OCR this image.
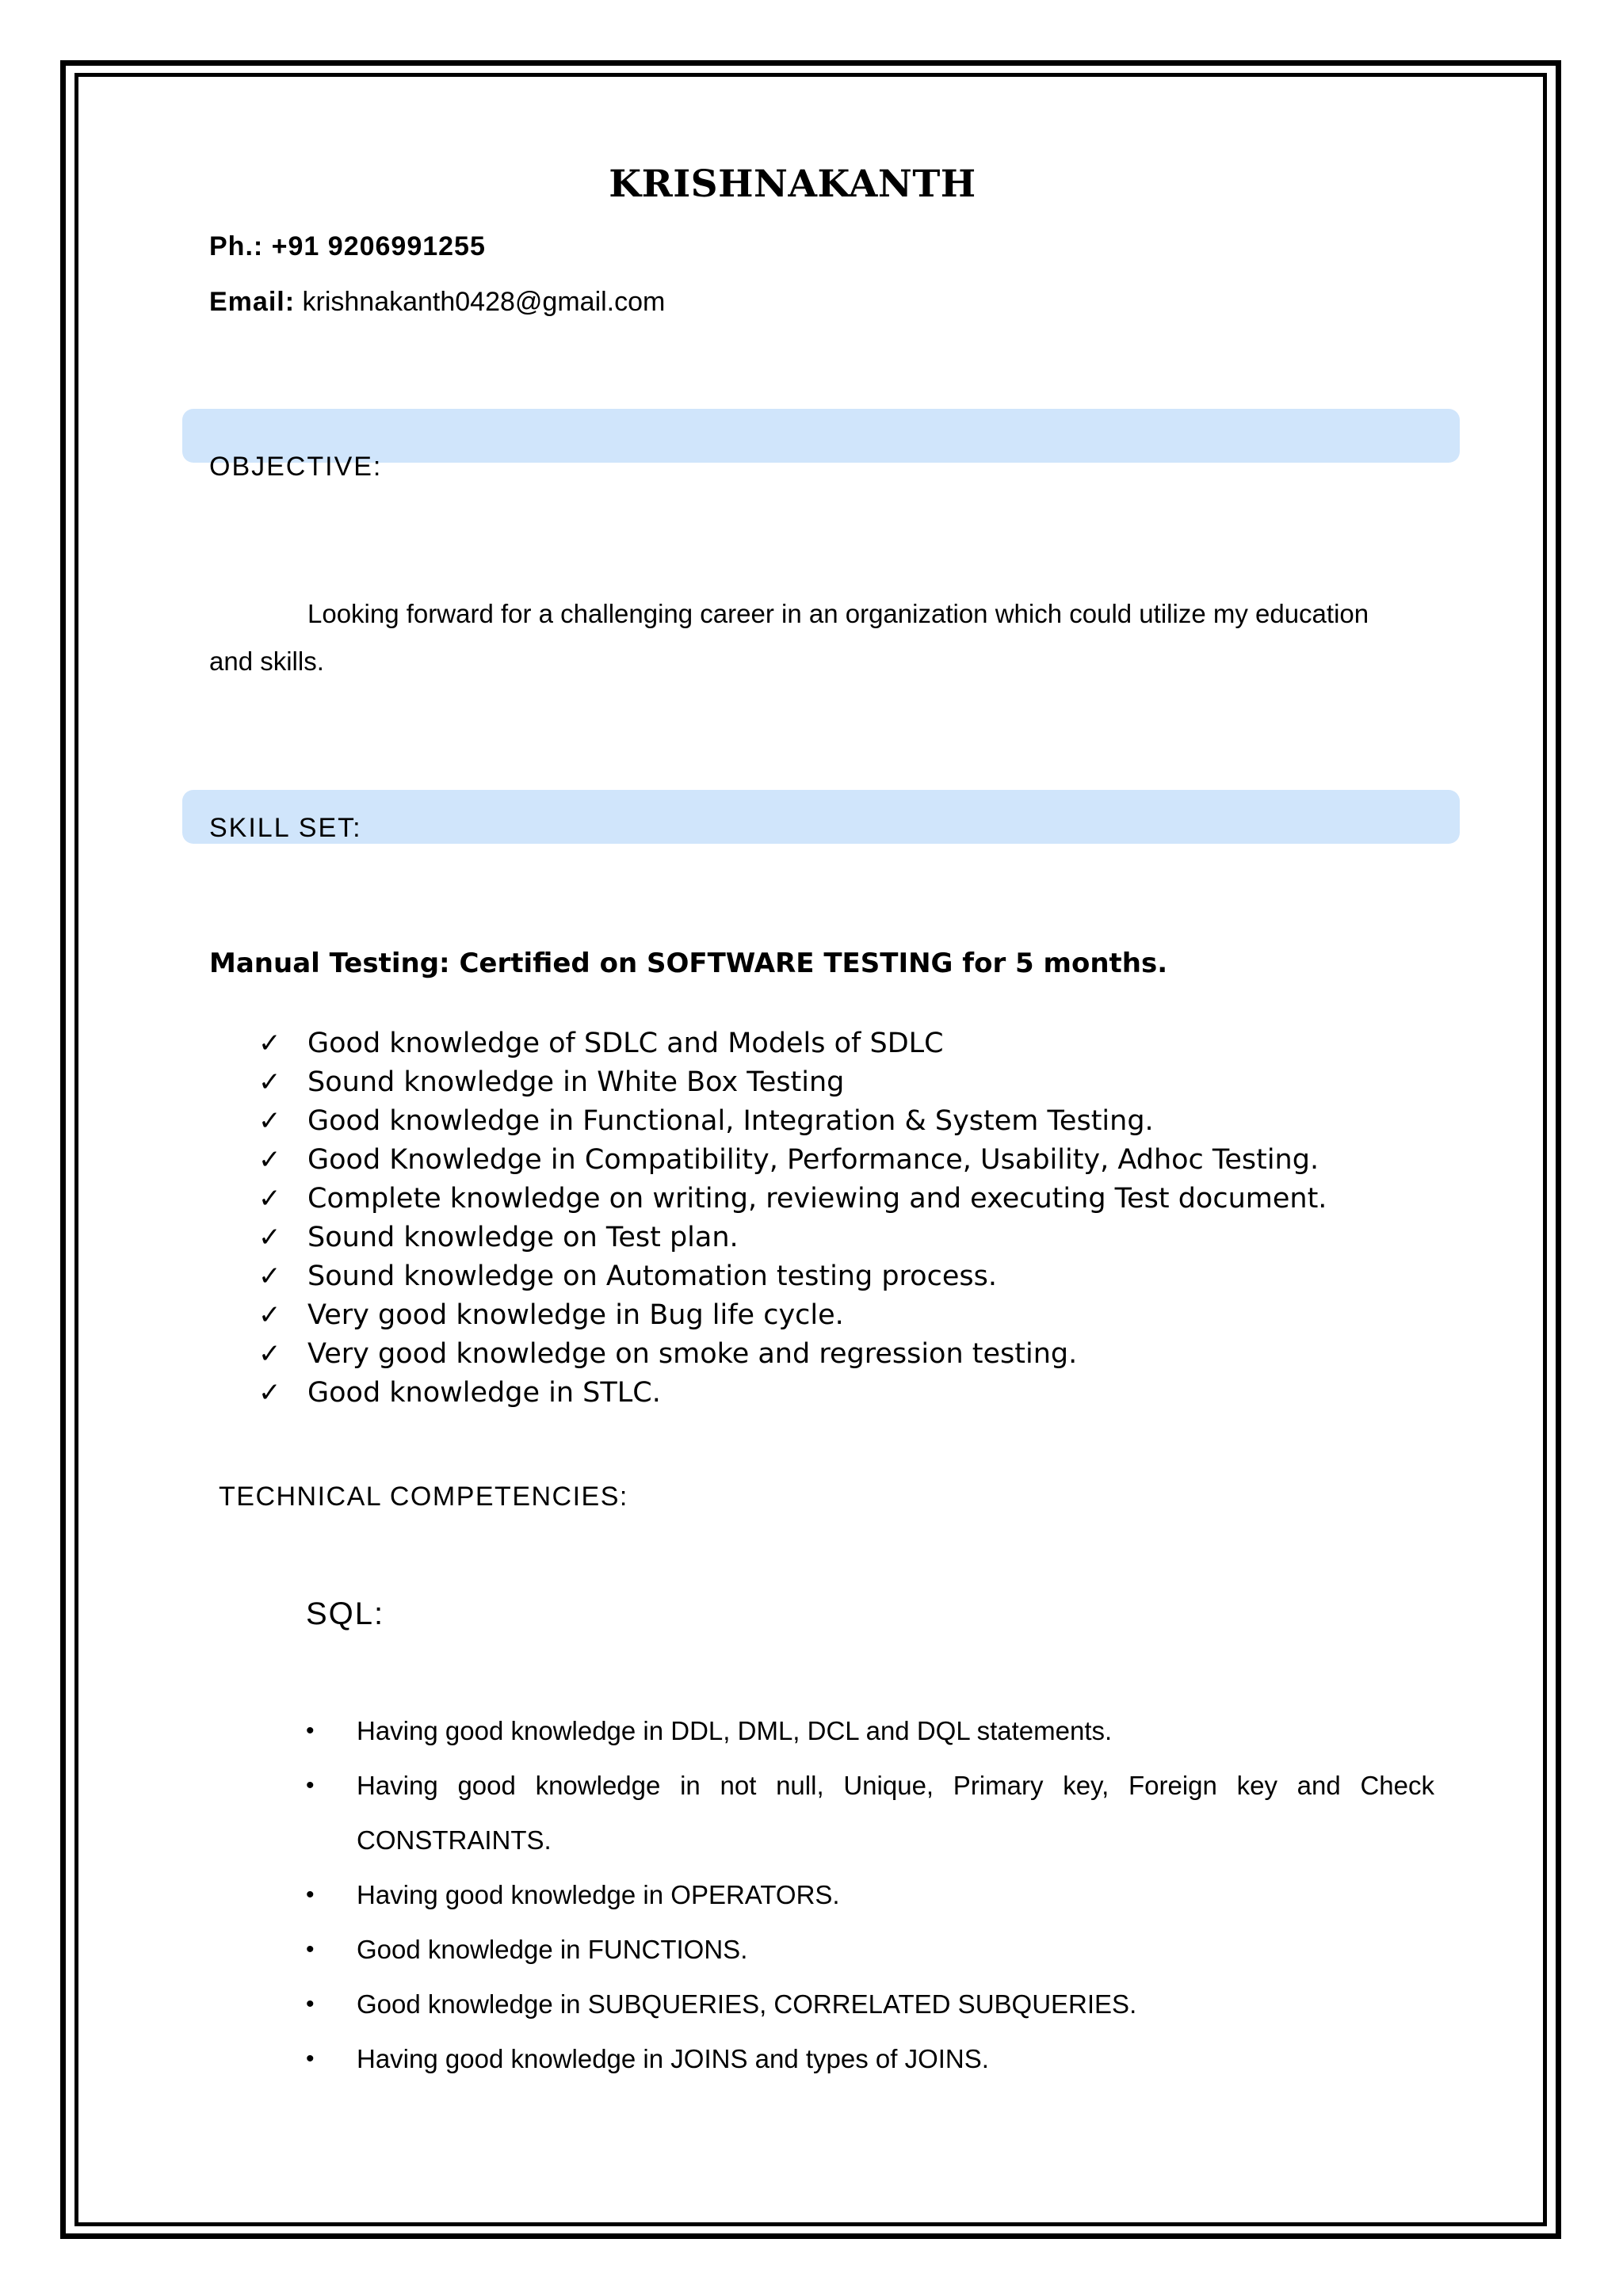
KRISHNAKANTH
Ph.: +91 9206991255
Email: krishnakanth0428@gmail.com
OBJECTIVE:
Looking forward for a challenging career in an organization which could utilize my education and skills.
SKILL SET:
Manual Testing: Certified on SOFTWARE TESTING for 5 months.
✓ Good knowledge of SDLC and Models of SDLC
✓ Sound knowledge in White Box Testing
✓ Good knowledge in Functional, Integration & System Testing.
✓ Good Knowledge in Compatibility, Performance, Usability, Adhoc Testing.
✓ Complete knowledge on writing, reviewing and executing Test document.
✓ Sound knowledge on Test plan.
✓ Sound knowledge on Automation testing process.
✓ Very good knowledge in Bug life cycle.
✓ Very good knowledge on smoke and regression testing.
✓ Good knowledge in STLC.
TECHNICAL COMPETENCIES:
SQL:
•	Having good knowledge in DDL, DML, DCL and DQL statements.
•	Having good knowledge in not null, Unique, Primary key, Foreign key and Check CONSTRAINTS.
•	Having good knowledge in OPERATORS.
•	Good knowledge in FUNCTIONS.
•	Good knowledge in SUBQUERIES, CORRELATED SUBQUERIES.
•	Having good knowledge in JOINS and types of JOINS.
